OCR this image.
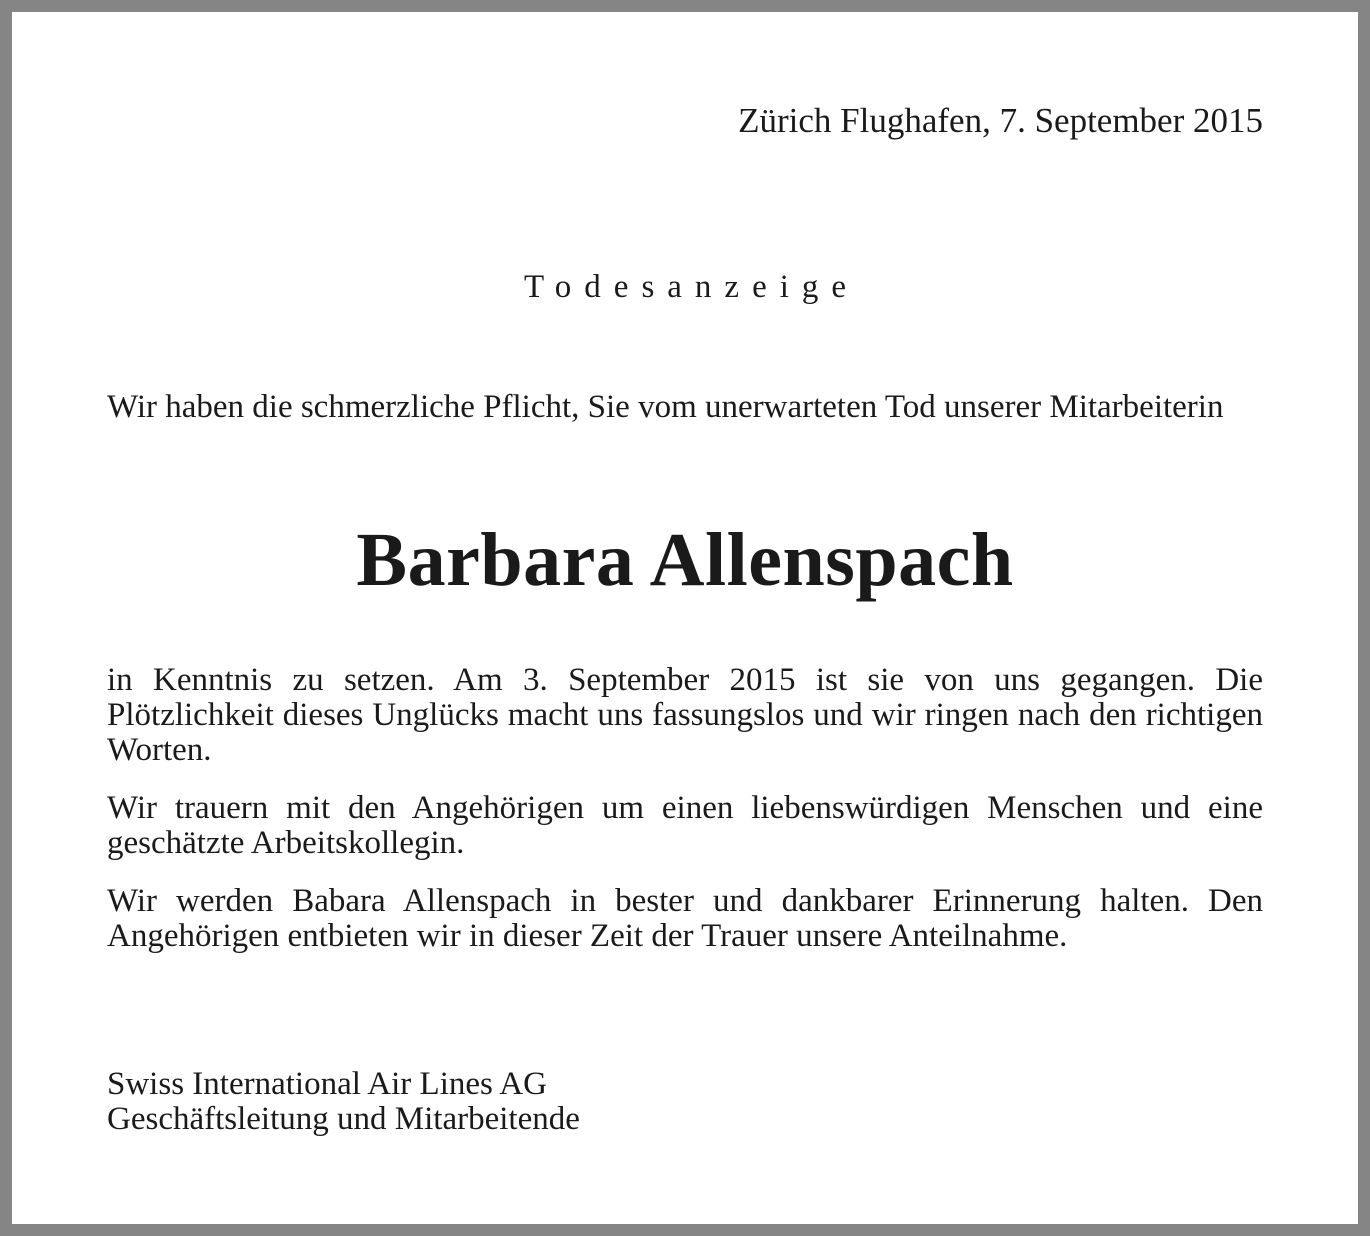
Zürich Flughafen, 7. September 2015
Todesanzeige
Wir haben die schmerzliche Pflicht, Sie vom unerwarteten Tod unserer Mitarbeiterin
Barbara Allenspach
in Kenntnis zu setzen. Am 3. September 2015 ist sie von uns gegangen. Die Plötzlichkeit dieses Unglücks macht uns fassungslos und wir ringen nach den richtigen Worten.
Wir trauern mit den Angehörigen um einen liebenswürdigen Menschen und eine geschätzte Arbeitskollegin.
Wir werden Babara Allenspach in bester und dankbarer Erinnerung halten. Den Angehörigen entbieten wir in dieser Zeit der Trauer unsere Anteilnahme.
Swiss International Air Lines AG
Geschäftsleitung und Mitarbeitende
